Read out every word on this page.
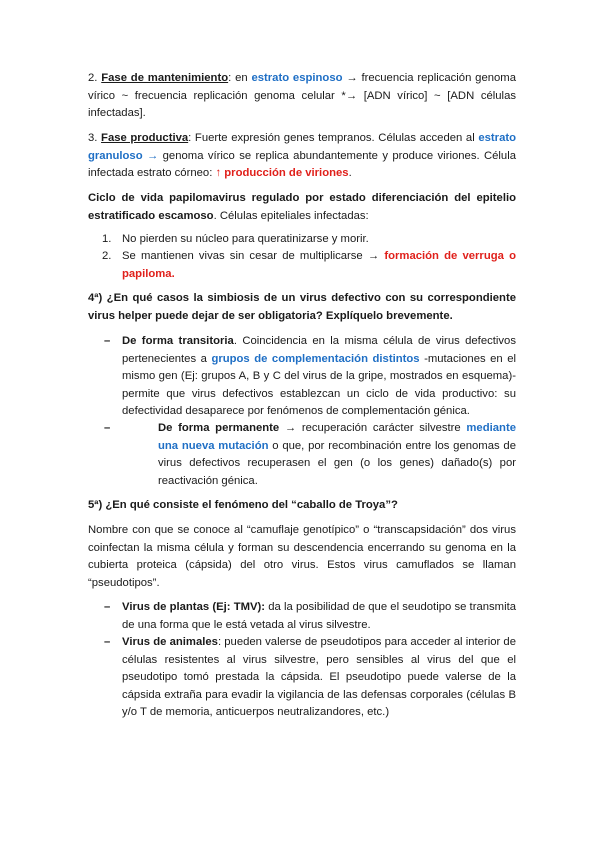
2. Fase de mantenimiento: en estrato espinoso → frecuencia replicación genoma vírico ~ frecuencia replicación genoma celular *→ [ADN vírico] ~ [ADN células infectadas].

3. Fase productiva: Fuerte expresión genes tempranos. Células acceden al estrato granuloso → genoma vírico se replica abundantemente y produce viriones. Célula infectada estrato córneo: ↑ producción de viriones.

Ciclo de vida papilomavirus regulado por estado diferenciación del epitelio estratificado escamoso. Células epiteliales infectadas:

1. No pierden su núcleo para queratinizarse y morir.
2. Se mantienen vivas sin cesar de multiplicarse → formación de verruga o papiloma.

4ª) ¿En qué casos la simbiosis de un virus defectivo con su correspondiente virus helper puede dejar de ser obligatoria? Explíquelo brevemente.

– De forma transitoria. Coincidencia en la misma célula de virus defectivos pertenecientes a grupos de complementación distintos -mutaciones en el mismo gen (Ej: grupos A, B y C del virus de la gripe, mostrados en esquema)- permite que virus defectivos establezcan un ciclo de vida productivo: su defectividad desaparece por fenómenos de complementación génica.

–	De forma permanente → recuperación carácter silvestre mediante una nueva mutación o que, por recombinación entre los genomas de virus defectivos recuperasen el gen (o los genes) dañado(s) por reactivación génica.

5ª) ¿En qué consiste el fenómeno del “caballo de Troya”?

Nombre con que se conoce al “camuflaje genotípico” o “transcapsidación” dos virus coinfectan la misma célula y forman su descendencia encerrando su genoma en la cubierta proteica (cápsida) del otro virus. Estos virus camuflados se llaman “pseudotipos”.

– Virus de plantas (Ej: TMV): da la posibilidad de que el seudotipo se transmita de una forma que le está vetada al virus silvestre.

– Virus de animales: pueden valerse de pseudotipos para acceder al interior de células resistentes al virus silvestre, pero sensibles al virus del que el pseudotipo tomó prestada la cápsida. El pseudotipo puede valerse de la cápsida extraña para evadir la vigilancia de las defensas corporales (células B y/o T de memoria, anticuerpos neutralizandores, etc.)
